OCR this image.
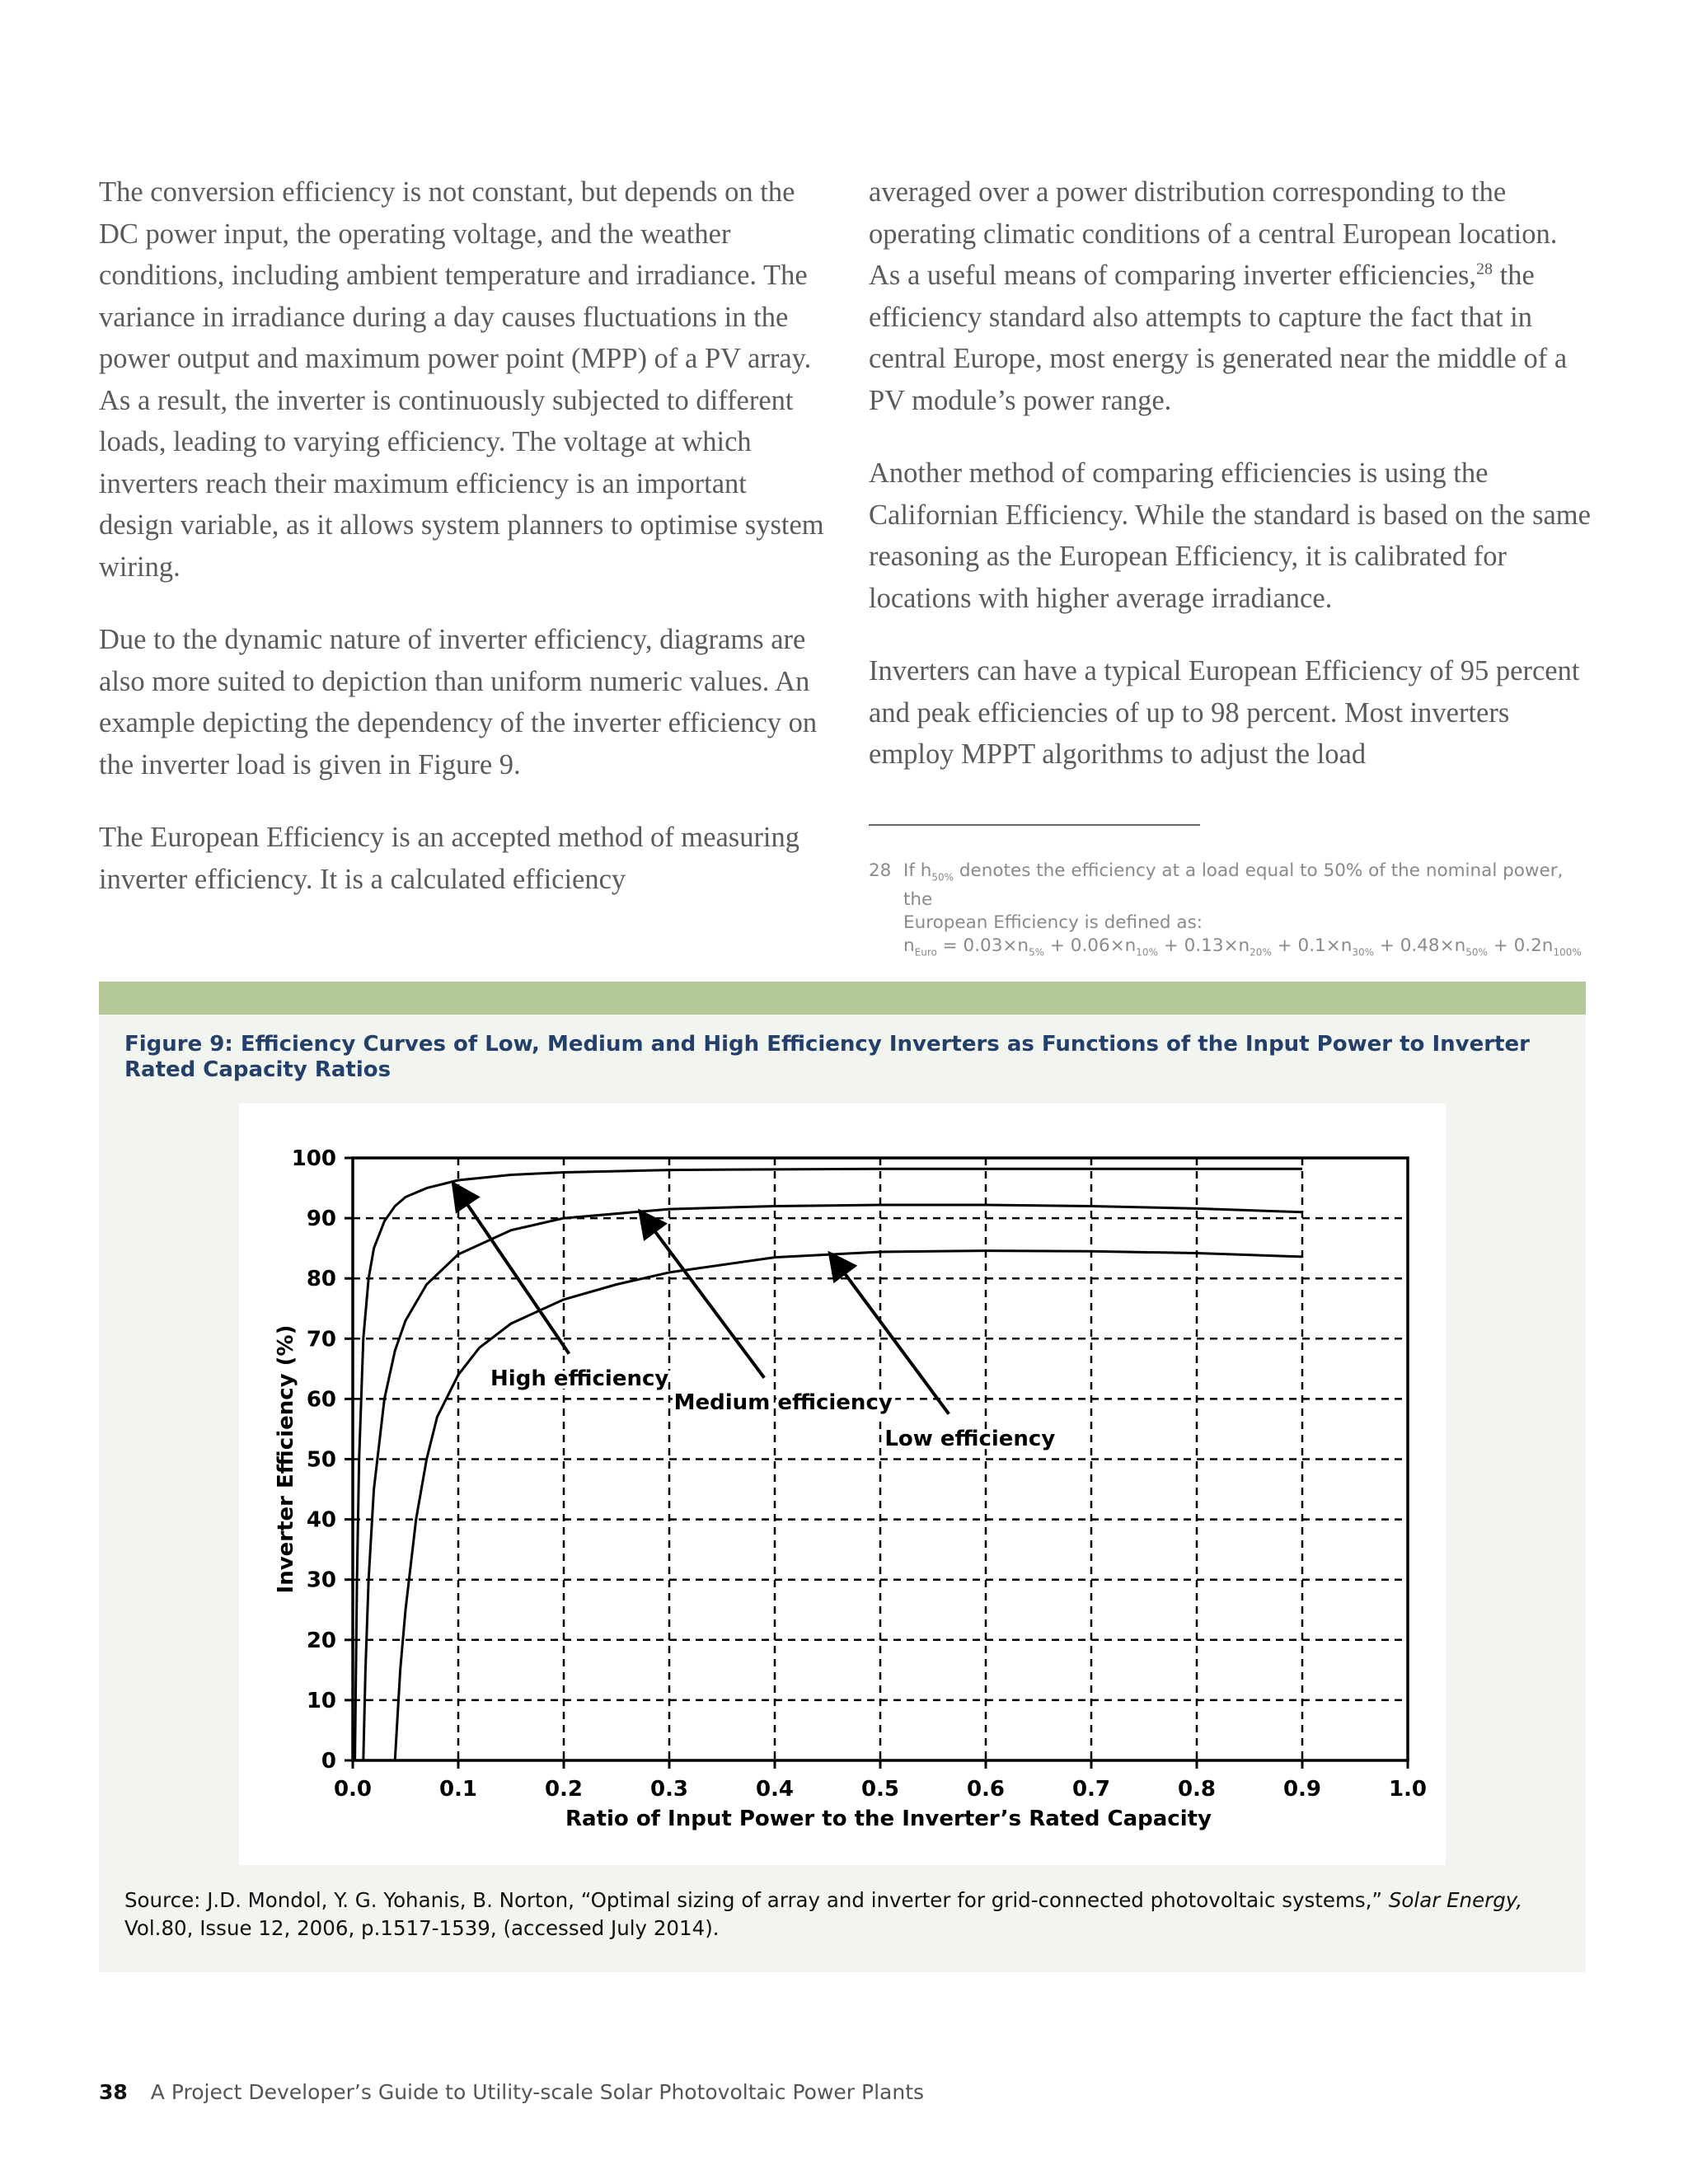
The conversion efficiency is not constant, but depends on the DC power input, the operating voltage, and the weather conditions, including ambient temperature and irradiance. The variance in irradiance during a day causes fluctuations in the power output and maximum power point (MPP) of a PV array. As a result, the inverter is continuously subjected to different loads, leading to varying efficiency. The voltage at which inverters reach their maximum efficiency is an important design variable, as it allows system planners to optimise system wiring.

Due to the dynamic nature of inverter efficiency, diagrams are also more suited to depiction than uniform numeric values. An example depicting the dependency of the inverter efficiency on the inverter load is given in Figure 9.

The European Efficiency is an accepted method of measuring inverter efficiency. It is a calculated efficiency

averaged over a power distribution corresponding to the operating climatic conditions of a central European location. As a useful means of comparing inverter efficiencies,$^{28}$ the efficiency standard also attempts to capture the fact that in central Europe, most energy is generated near the middle of a PV module’s power range.

Another method of comparing efficiencies is using the Californian Efficiency. While the standard is based on the same reasoning as the European Efficiency, it is calibrated for locations with higher average irradiance.

Inverters can have a typical European Efficiency of 95 percent and peak efficiencies of up to 98 percent. Most inverters employ MPPT algorithms to adjust the load

28 If $h_{50\%}$ denotes the efficiency at a load equal to 50% of the nominal power, the
European Efficiency is defined as:
$n_{Euro} = 0.03\times n_{5\%} + 0.06\times n_{10\%} + 0.13\times n_{20\%} + 0.1\times n_{30\%} + 0.48\times n_{50\%} + 0.2n_{100\%}$
Figure 9: Efficiency Curves of Low, Medium and High Efficiency Inverters as Functions of the Input Power to Inverter Rated Capacity Ratios
0.0	0.1	0.2	0.3	0.4	0.5	0.6	0.7	0.8	0.9	1.0
0
10
20
30
40
50
60
70
80
90
100
Ratio of Input Power to the Inverter’s Rated Capacity
Inverter Efficiency (%)	High efficiency
Medium efficiency
Low efficiency
Source: J.D. Mondol, Y. G. Yohanis, B. Norton, “Optimal sizing of array and inverter for grid-connected photovoltaic systems,” Solar Energy, Vol.80, Issue 12, 2006, p.1517-1539, (accessed July 2014).
38 A Project Developer’s Guide to Utility-scale Solar Photovoltaic Power Plants
